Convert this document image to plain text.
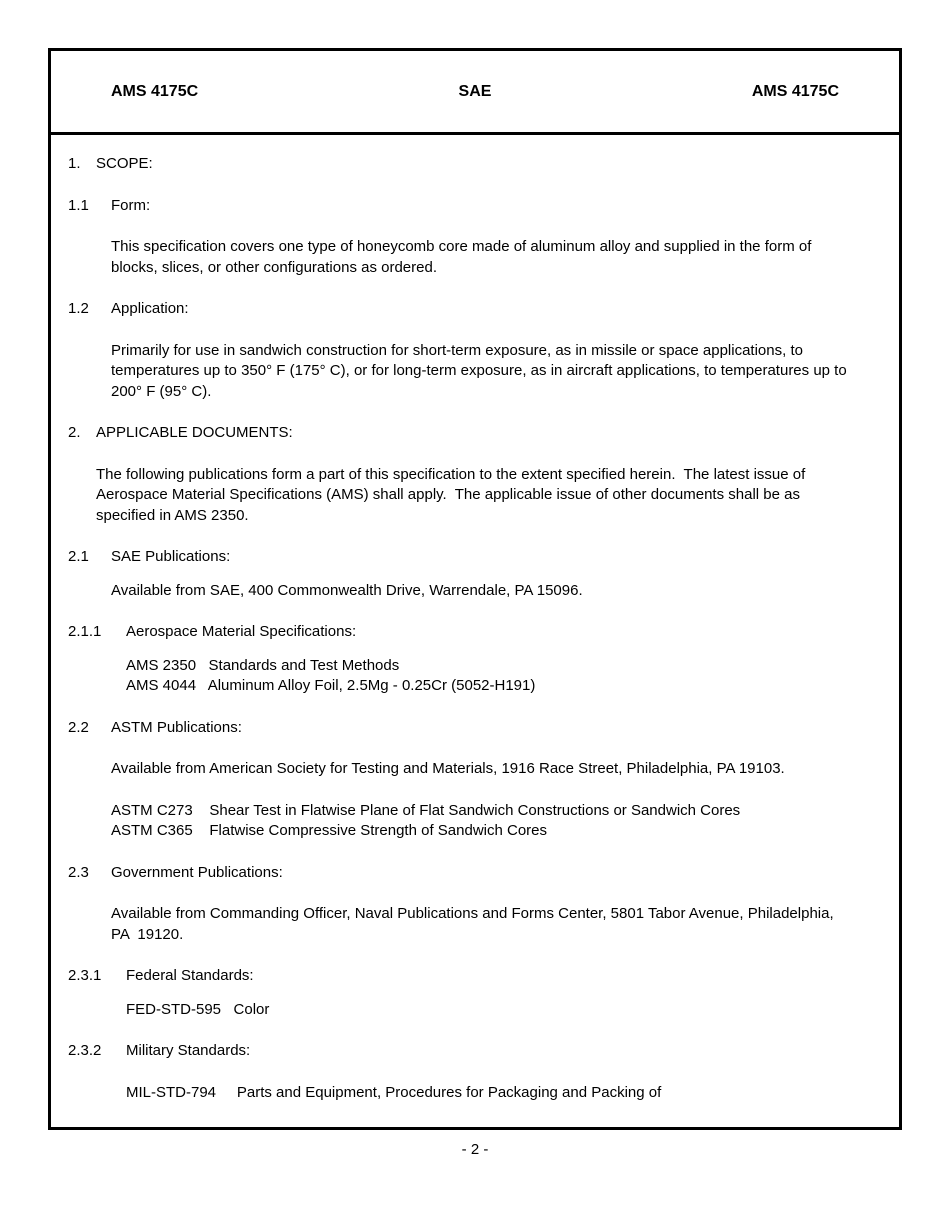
AMS 4175C	SAE	AMS 4175C
1.	SCOPE:
1.1	Form:
This specification covers one type of honeycomb core made of aluminum alloy and supplied in the form of blocks, slices, or other configurations as ordered.
1.2	Application:
Primarily for use in sandwich construction for short-term exposure, as in missile or space applications, to temperatures up to 350° F (175° C), or for long-term exposure, as in aircraft applications, to temperatures up to 200° F (95° C).
2.	APPLICABLE DOCUMENTS:
The following publications form a part of this specification to the extent specified herein.  The latest issue of Aerospace Material Specifications (AMS) shall apply.  The applicable issue of other documents shall be as specified in AMS 2350.
2.1	SAE Publications:
Available from SAE, 400 Commonwealth Drive, Warrendale, PA 15096.
2.1.1	Aerospace Material Specifications:
AMS 2350   Standards and Test Methods
AMS 4044   Aluminum Alloy Foil, 2.5Mg - 0.25Cr (5052-H191)
2.2	ASTM Publications:
Available from American Society for Testing and Materials, 1916 Race Street, Philadelphia, PA 19103.
ASTM C273    Shear Test in Flatwise Plane of Flat Sandwich Constructions or Sandwich Cores
ASTM C365    Flatwise Compressive Strength of Sandwich Cores
2.3	Government Publications:
Available from Commanding Officer, Naval Publications and Forms Center, 5801 Tabor Avenue, Philadelphia, PA  19120.
2.3.1	Federal Standards:
FED-STD-595   Color
2.3.2	Military Standards:
MIL-STD-794     Parts and Equipment, Procedures for Packaging and Packing of
- 2 -
